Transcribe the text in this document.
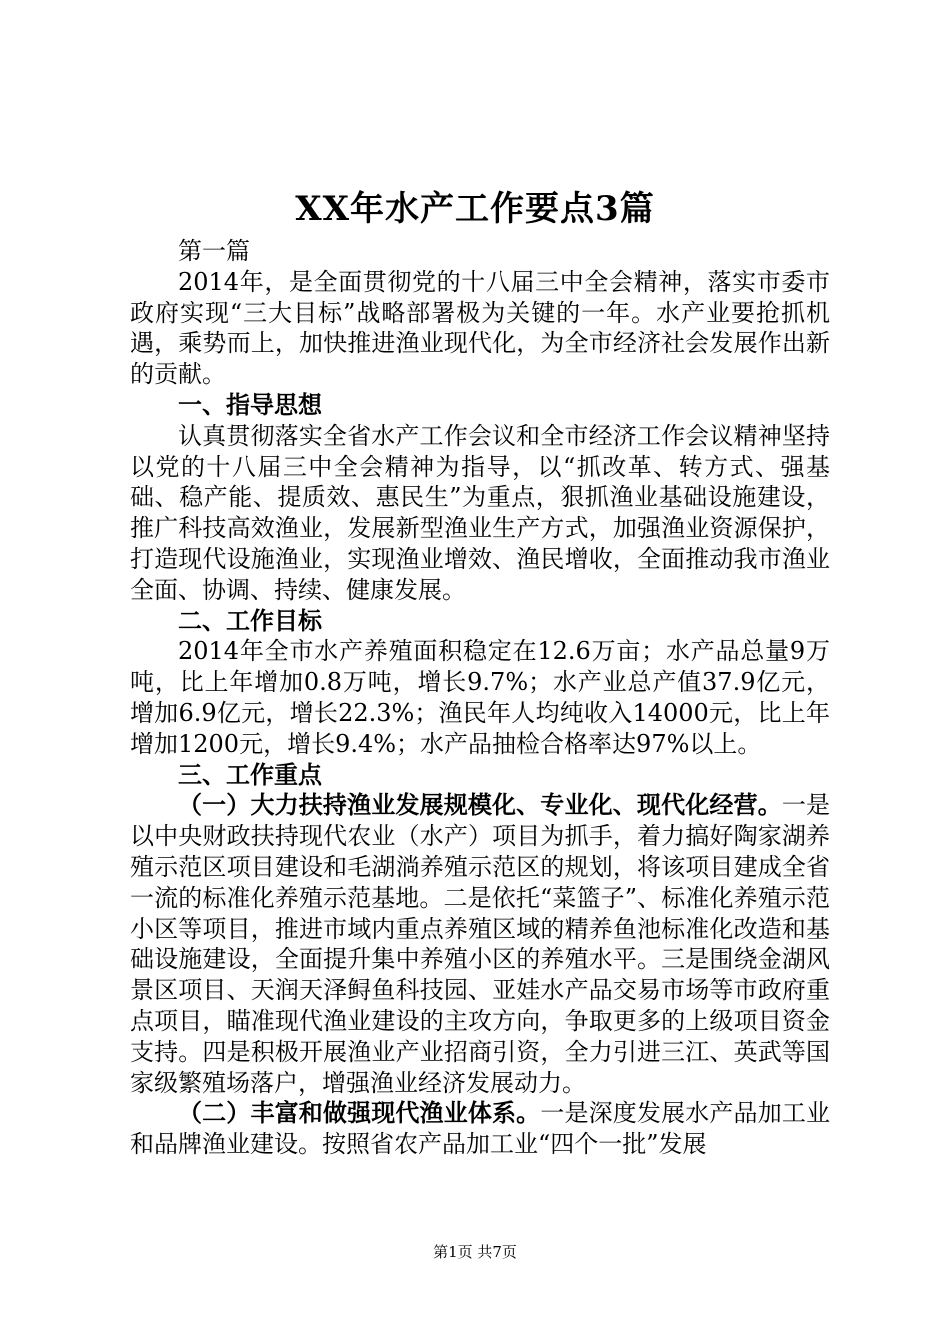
XX年水产工作要点3篇

第一篇

2014年，是全面贯彻党的十八届三中全会精神，落实市委市政府实现“三大目标”战略部署极为关键的一年。水产业要抢抓机遇，乘势而上，加快推进渔业现代化，为全市经济社会发展作出新的贡献。

一、指导思想

认真贯彻落实全省水产工作会议和全市经济工作会议精神坚持以党的十八届三中全会精神为指导，以“抓改革、转方式、强基础、稳产能、提质效、惠民生”为重点，狠抓渔业基础设施建设，推广科技高效渔业，发展新型渔业生产方式，加强渔业资源保护，打造现代设施渔业，实现渔业增效、渔民增收，全面推动我市渔业全面、协调、持续、健康发展。

二、工作目标

2014年全市水产养殖面积稳定在12.6万亩；水产品总量9万吨，比上年增加0.8万吨，增长9.7%；水产业总产值37.9亿元，增加6.9亿元，增长22.3%；渔民年人均纯收入14000元，比上年增加1200元，增长9.4%；水产品抽检合格率达97%以上。

三、工作重点

（一）大力扶持渔业发展规模化、专业化、现代化经营。一是以中央财政扶持现代农业（水产）项目为抓手，着力搞好陶家湖养殖示范区项目建设和毛湖淌养殖示范区的规划，将该项目建成全省一流的标准化养殖示范基地。二是依托“菜篮子”、标准化养殖示范小区等项目，推进市域内重点养殖区域的精养鱼池标准化改造和基础设施建设，全面提升集中养殖小区的养殖水平。三是围绕金湖风景区项目、天润天泽鲟鱼科技园、亚娃水产品交易市场等市政府重点项目，瞄准现代渔业建设的主攻方向，争取更多的上级项目资金支持。四是积极开展渔业产业招商引资，全力引进三江、英武等国家级繁殖场落户，增强渔业经济发展动力。

（二）丰富和做强现代渔业体系。一是深度发展水产品加工业和品牌渔业建设。按照省农产品加工业“四个一批”发展

第1页 共7页
